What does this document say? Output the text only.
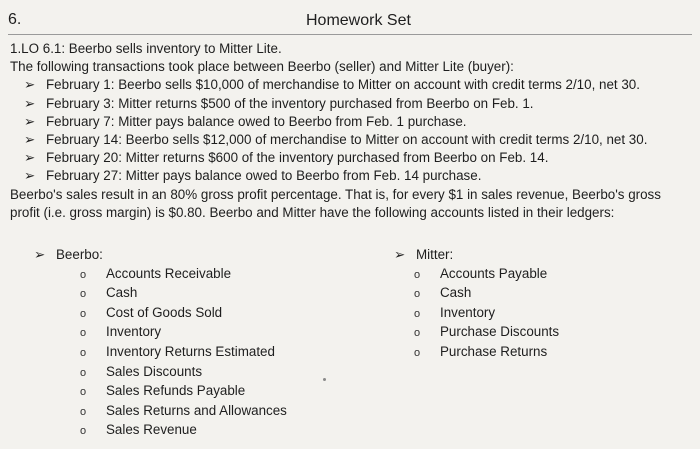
6.	Homework Set
1.LO 6.1: Beerbo sells inventory to Mitter Lite.
The following transactions took place between Beerbo (seller) and Mitter Lite (buyer):
➢ February 1: Beerbo sells $10,000 of merchandise to Mitter on account with credit terms 2/10, net 30.
➢ February 3: Mitter returns $500 of the inventory purchased from Beerbo on Feb. 1.
➢ February 7: Mitter pays balance owed to Beerbo from Feb. 1 purchase.
➢ February 14: Beerbo sells $12,000 of merchandise to Mitter on account with credit terms 2/10, net 30.
➢ February 20: Mitter returns $600 of the inventory purchased from Beerbo on Feb. 14.
➢ February 27: Mitter pays balance owed to Beerbo from Feb. 14 purchase.
Beerbo's sales result in an 80% gross profit percentage. That is, for every $1 in sales revenue, Beerbo's gross
profit (i.e. gross margin) is $0.80. Beerbo and Mitter have the following accounts listed in their ledgers:
➢ Beerbo:
o Accounts Receivable
o Cash
o Cost of Goods Sold
o Inventory
o Inventory Returns Estimated
o Sales Discounts
o Sales Refunds Payable
o Sales Returns and Allowances
o Sales Revenue
➢ Mitter:
o Accounts Payable
o Cash
o Inventory
o Purchase Discounts
o Purchase Returns
